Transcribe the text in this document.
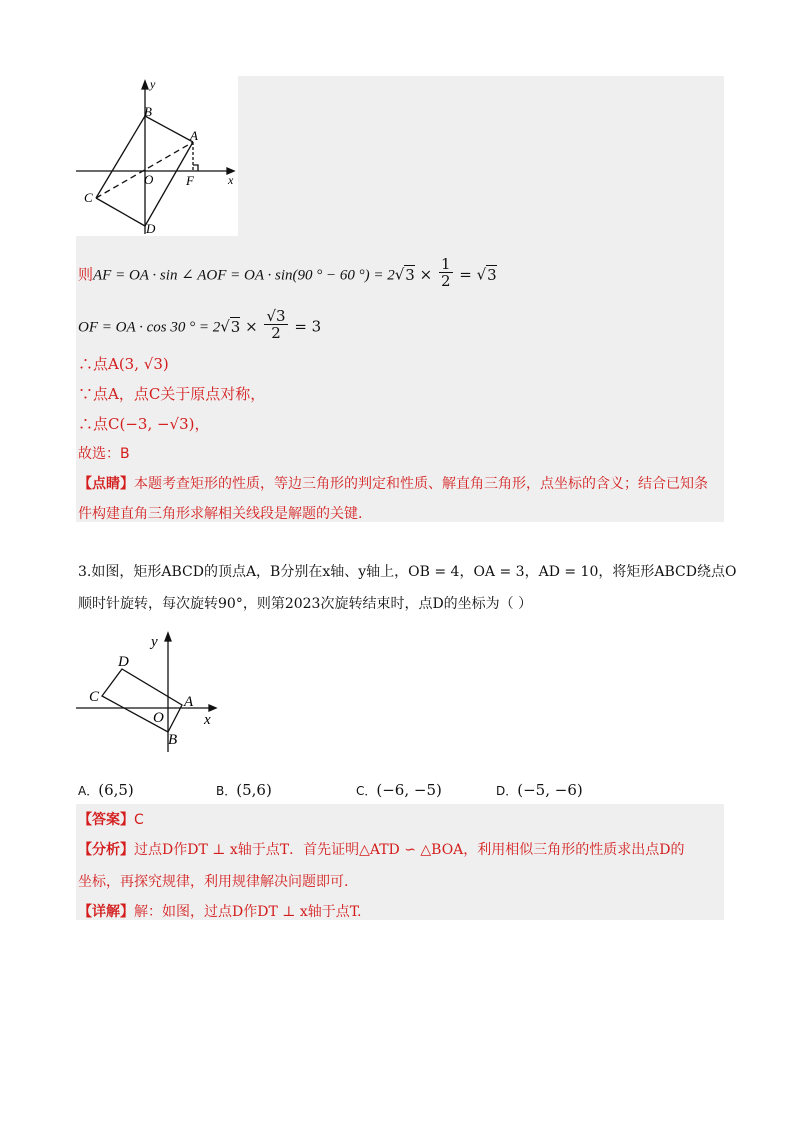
y
x
B
A
O	F
C
D
则AF = OA · sin ∠ AOF = OA · sin(90 ° − 60 °) = $2√3 \times \frac{1}{2} = √3$
OF = OA · cos 30 ° = $2√3 \times \frac{√3}{2} = 3$
∴点A(3, √3)
∵点A，点C关于原点对称，
∴点C(−3, −√3)，
故选：B
【点睛】本题考查矩形的性质，等边三角形的判定和性质、解直角三角形，点坐标的含义；结合已知条
件构建直角三角形求解相关线段是解题的关键.
3.如图，矩形ABCD的顶点A，B分别在x轴、y轴上，OB = 4，OA = 3，AD = 10，将矩形ABCD绕点O
顺时针旋转，每次旋转90°，则第2023次旋转结束时，点D的坐标为（ ）
y
x
D
C	A
O
B
A．(6,5)	B．(5,6)	C．(−6, −5)	D．(−5, −6)
【答案】C
【分析】过点D作DT ⊥ x轴于点T．首先证明△ATD ∽ △BOA，利用相似三角形的性质求出点D的
坐标，再探究规律，利用规律解决问题即可.
【详解】解：如图，过点D作DT ⊥ x轴于点T.
